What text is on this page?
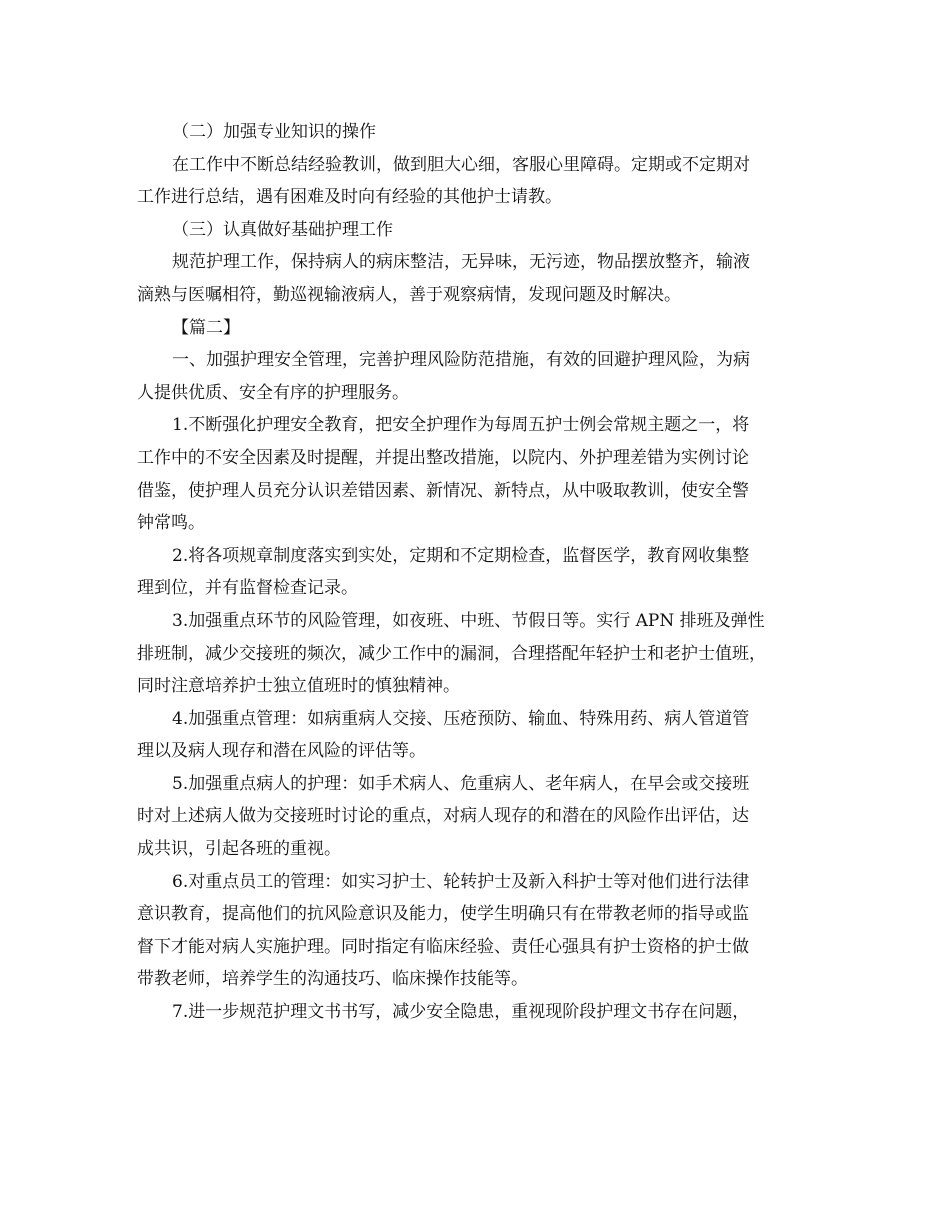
（二）加强专业知识的操作
在工作中不断总结经验教训，做到胆大心细，客服心里障碍。定期或不定期对
工作进行总结，遇有困难及时向有经验的其他护士请教。
（三）认真做好基础护理工作
规范护理工作，保持病人的病床整洁，无异味，无污迹，物品摆放整齐，输液
滴熟与医嘱相符，勤巡视输液病人，善于观察病情，发现问题及时解决。
【篇二】
一、加强护理安全管理，完善护理风险防范措施，有效的回避护理风险，为病
人提供优质、安全有序的护理服务。
1.不断强化护理安全教育，把安全护理作为每周五护士例会常规主题之一，将
工作中的不安全因素及时提醒，并提出整改措施，以院内、外护理差错为实例讨论
借鉴，使护理人员充分认识差错因素、新情况、新特点，从中吸取教训，使安全警
钟常鸣。
2.将各项规章制度落实到实处，定期和不定期检查，监督医学，教育网收集整
理到位，并有监督检查记录。
3.加强重点环节的风险管理，如夜班、中班、节假日等。实行 APN 排班及弹性
排班制，减少交接班的频次，减少工作中的漏洞，合理搭配年轻护士和老护士值班，
同时注意培养护士独立值班时的慎独精神。
4.加强重点管理：如病重病人交接、压疮预防、输血、特殊用药、病人管道管
理以及病人现存和潜在风险的评估等。
5.加强重点病人的护理：如手术病人、危重病人、老年病人，在早会或交接班
时对上述病人做为交接班时讨论的重点，对病人现存的和潜在的风险作出评估，达
成共识，引起各班的重视。
6.对重点员工的管理：如实习护士、轮转护士及新入科护士等对他们进行法律
意识教育，提高他们的抗风险意识及能力，使学生明确只有在带教老师的指导或监
督下才能对病人实施护理。同时指定有临床经验、责任心强具有护士资格的护士做
带教老师，培养学生的沟通技巧、临床操作技能等。
7.进一步规范护理文书书写，减少安全隐患，重视现阶段护理文书存在问题，
